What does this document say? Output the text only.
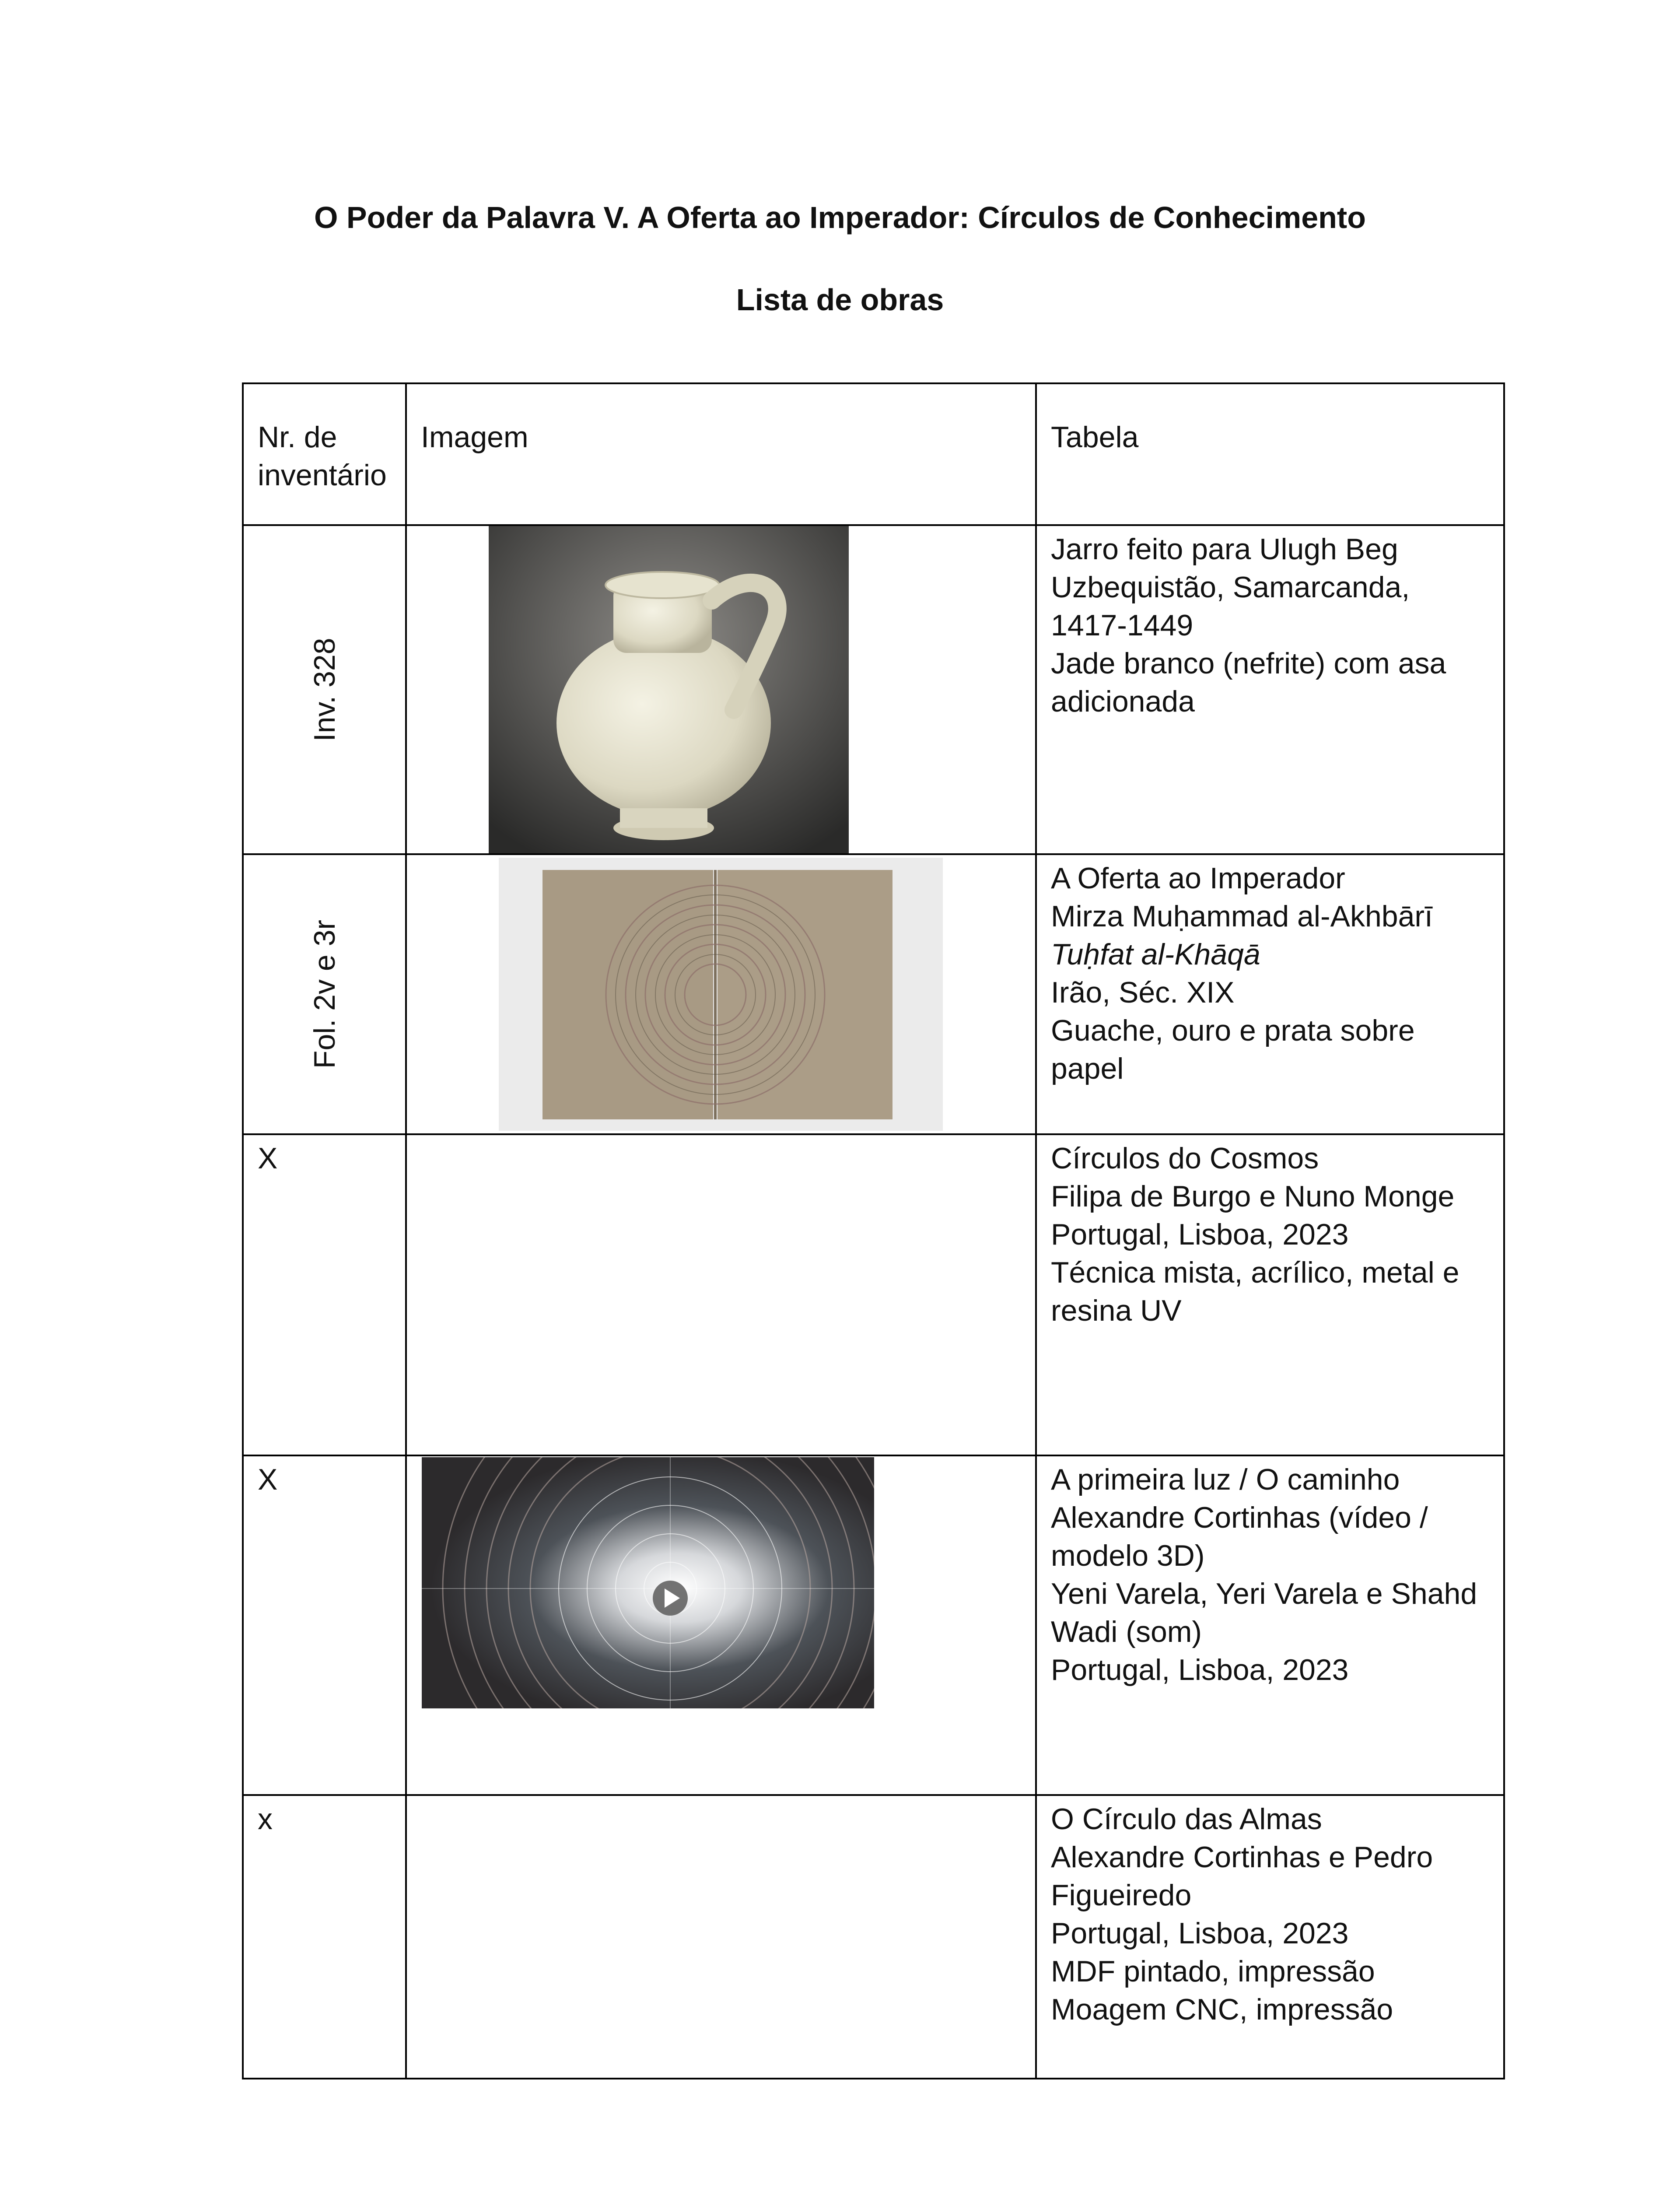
O Poder da Palavra V. A Oferta ao Imperador: Círculos de Conhecimento
Lista de obras
Nr. de inventário	Imagem	Tabela

Inv. 328		Jarro feito para Ulugh Beg
Uzbequistão, Samarcanda, 1417-1449
Jade branco (nefrite) com asa adicionada

Fol. 2v e 3r		A Oferta ao Imperador
Mirza Muḥammad al-Akhbārī
Tuḥfat al-Khāqā
Irão, Séc. XIX
Guache, ouro e prata sobre papel

X		Círculos do Cosmos
Filipa de Burgo e Nuno Monge
Portugal, Lisboa, 2023
Técnica mista, acrílico, metal e resina UV

X		A primeira luz / O caminho
Alexandre Cortinhas (vídeo / modelo 3D)
Yeni Varela, Yeri Varela e Shahd Wadi (som)
Portugal, Lisboa, 2023

x		O Círculo das Almas
Alexandre Cortinhas e Pedro Figueiredo
Portugal, Lisboa, 2023
MDF pintado, impressão
Moagem CNC, impressão
